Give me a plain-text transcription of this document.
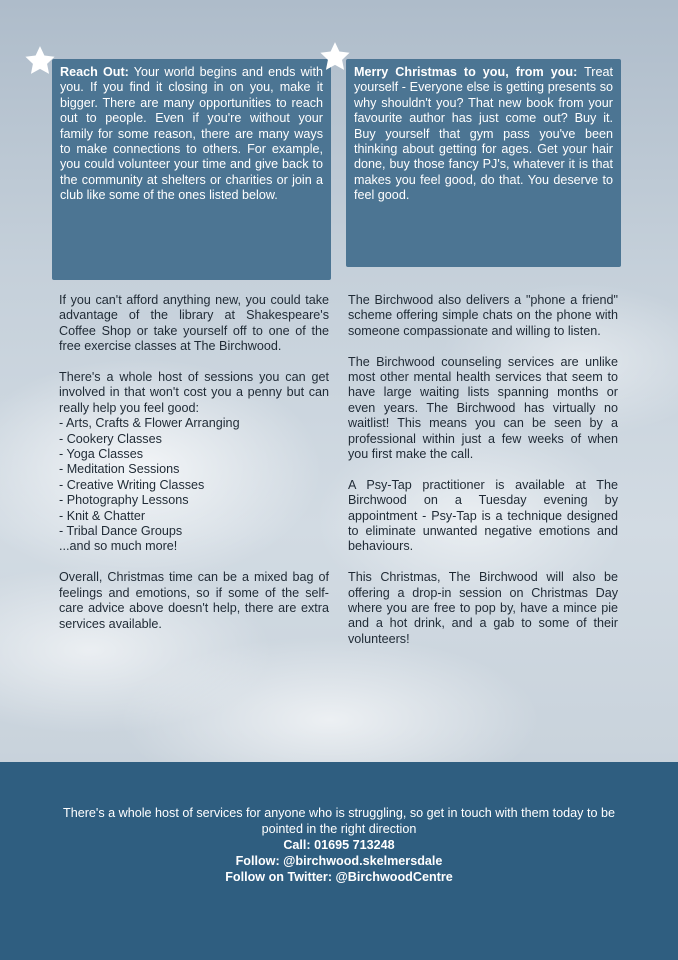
Reach Out: Your world begins and ends with you. If you find it closing in on you, make it bigger. There are many opportunities to reach out to people. Even if you're without your family for some reason, there are many ways to make connections to others. For example, you could volunteer your time and give back to the community at shelters or charities or join a club like some of the ones listed below.
Merry Christmas to you, from you: Treat yourself - Everyone else is getting presents so why shouldn't you? That new book from your favourite author has just come out? Buy it. Buy yourself that gym pass you've been thinking about getting for ages. Get your hair done, buy those fancy PJ's, whatever it is that makes you feel good, do that. You deserve to feel good.

If you can't afford anything new, you could take advantage of the library at Shakespeare's Coffee Shop or take yourself off to one of the free exercise classes at The Birchwood.

There's a whole host of sessions you can get involved in that won't cost you a penny but can really help you feel good:

- Arts, Crafts & Flower Arranging
- Cookery Classes
- Yoga Classes
- Meditation Sessions
- Creative Writing Classes
- Photography Lessons
- Knit & Chatter
- Tribal Dance Groups
...and so much more!

Overall, Christmas time can be a mixed bag of feelings and emotions, so if some of the self-care advice above doesn't help, there are extra services available.

The Birchwood also delivers a "phone a friend" scheme offering simple chats on the phone with someone compassionate and willing to listen.

The Birchwood counseling services are unlike most other mental health services that seem to have large waiting lists spanning months or even years. The Birchwood has virtually no waitlist! This means you can be seen by a professional within just a few weeks of when you first make the call.

A Psy-Tap practitioner is available at The Birchwood on a Tuesday evening by appointment - Psy-Tap is a technique designed to eliminate unwanted negative emotions and behaviours.

This Christmas, The Birchwood will also be offering a drop-in session on Christmas Day where you are free to pop by, have a mince pie and a hot drink, and a gab to some of their volunteers!

There's a whole host of services for anyone who is struggling, so get in touch with them today to be pointed in the right direction

Call: 01695 713248

Follow: @birchwood.skelmersdale

Follow on Twitter: @BirchwoodCentre
